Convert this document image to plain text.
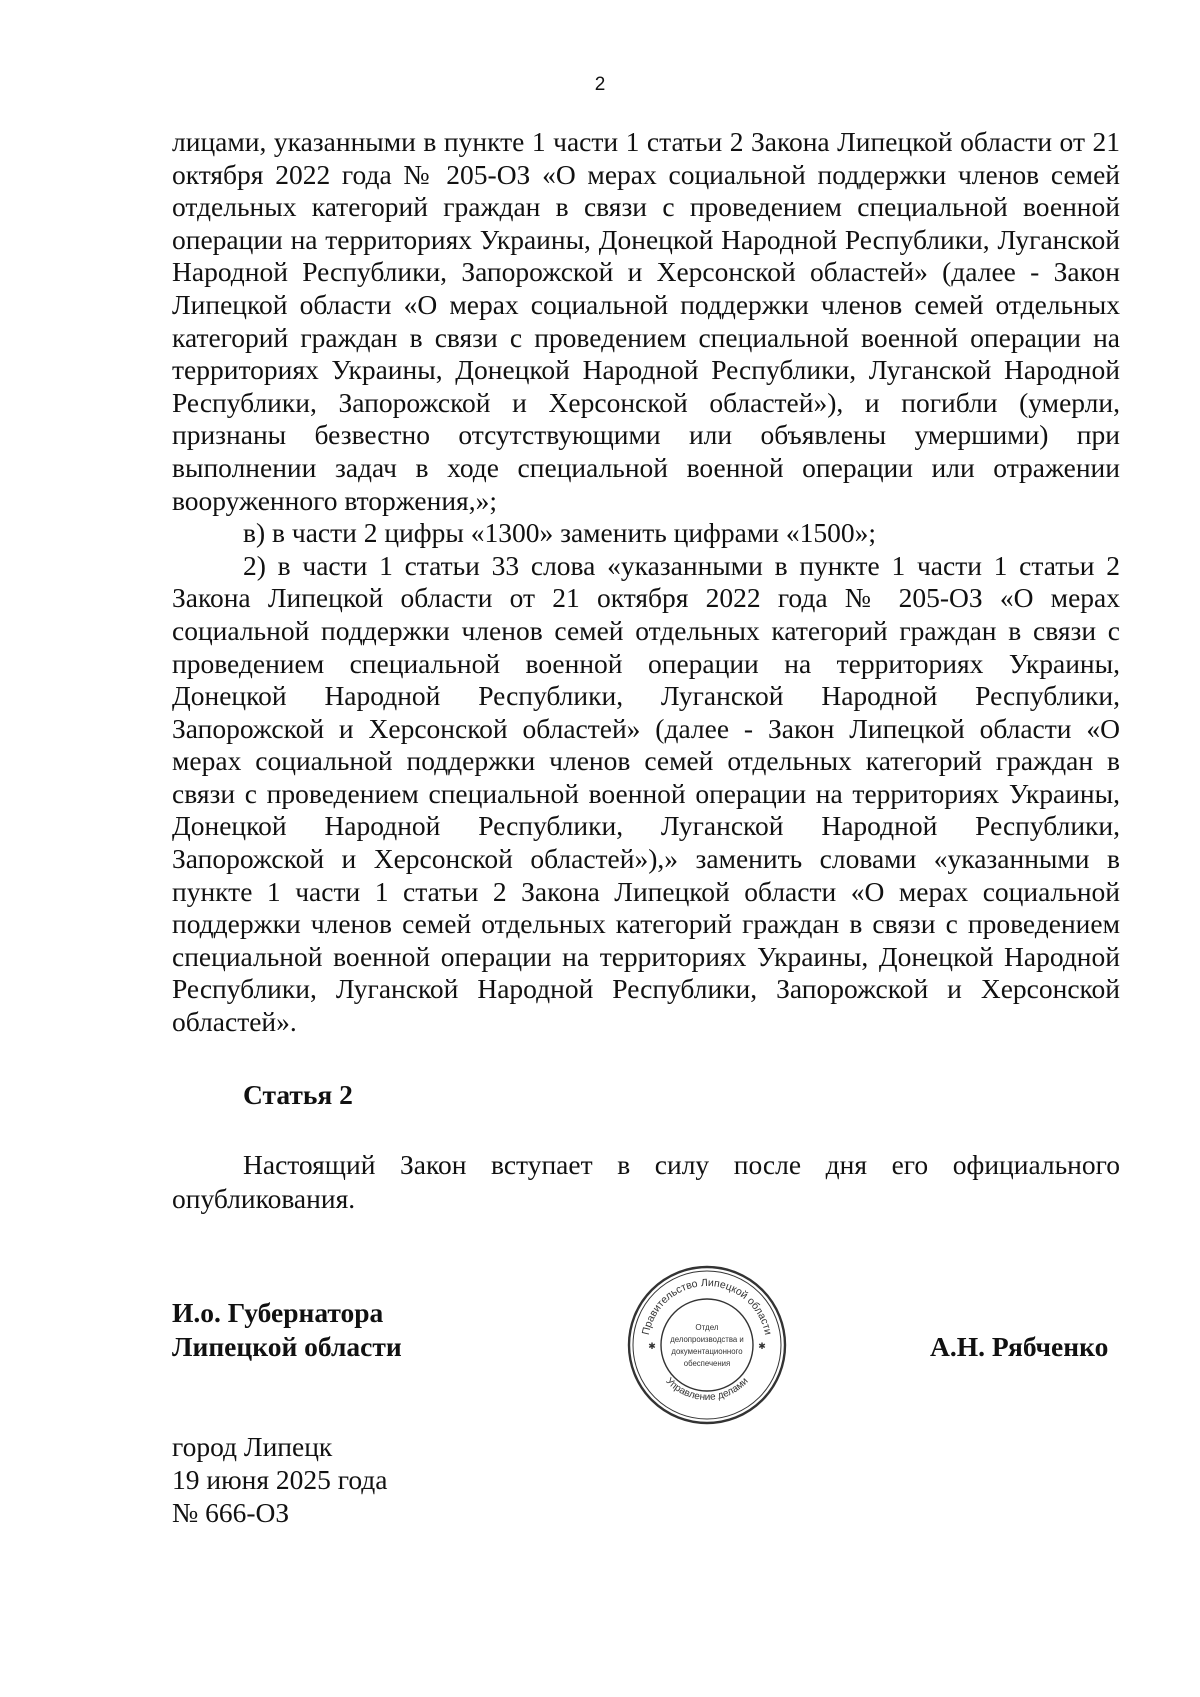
2

лицами, указанными в пункте 1 части 1 статьи 2 Закона Липецкой области от 21 октября 2022 года № 205-ОЗ «О мерах социальной поддержки членов семей отдельных категорий граждан в связи с проведением специальной военной операции на территориях Украины, Донецкой Народной Республики, Луганской Народной Республики, Запорожской и Херсонской областей» (далее - Закон Липецкой области «О мерах социальной поддержки членов семей отдельных категорий граждан в связи с проведением специальной военной операции на территориях Украины, Донецкой Народной Республики, Луганской Народной Республики, Запорожской и Херсонской областей»), и погибли (умерли, признаны безвестно отсутствующими или объявлены умершими) при выполнении задач в ходе специальной военной операции или отражении вооруженного вторжения,»;

в) в части 2 цифры «1300» заменить цифрами «1500»;

2) в части 1 статьи 33 слова «указанными в пункте 1 части 1 статьи 2 Закона Липецкой области от 21 октября 2022 года № 205-ОЗ «О мерах социальной поддержки членов семей отдельных категорий граждан в связи с проведением специальной военной операции на территориях Украины, Донецкой Народной Республики, Луганской Народной Республики, Запорожской и Херсонской областей» (далее - Закон Липецкой области «О мерах социальной поддержки членов семей отдельных категорий граждан в связи с проведением специальной военной операции на территориях Украины, Донецкой Народной Республики, Луганской Народной Республики, Запорожской и Херсонской областей»),» заменить словами «указанными в пункте 1 части 1 статьи 2 Закона Липецкой области «О мерах социальной поддержки членов семей отдельных категорий граждан в связи с проведением специальной военной операции на территориях Украины, Донецкой Народной Республики, Луганской Народной Республики, Запорожской и Херсонской областей».

Статья 2

Настоящий Закон вступает в силу после дня его официального опубликования.

И.о. Губернатора
Липецкой области	Правительство Липецкой области
Управление делами
✱	✱
Отдел
делопроизводства и
документационного
обеспечения
А.Н. Рябченко
город Липецк
19 июня 2025 года
№ 666-ОЗ
